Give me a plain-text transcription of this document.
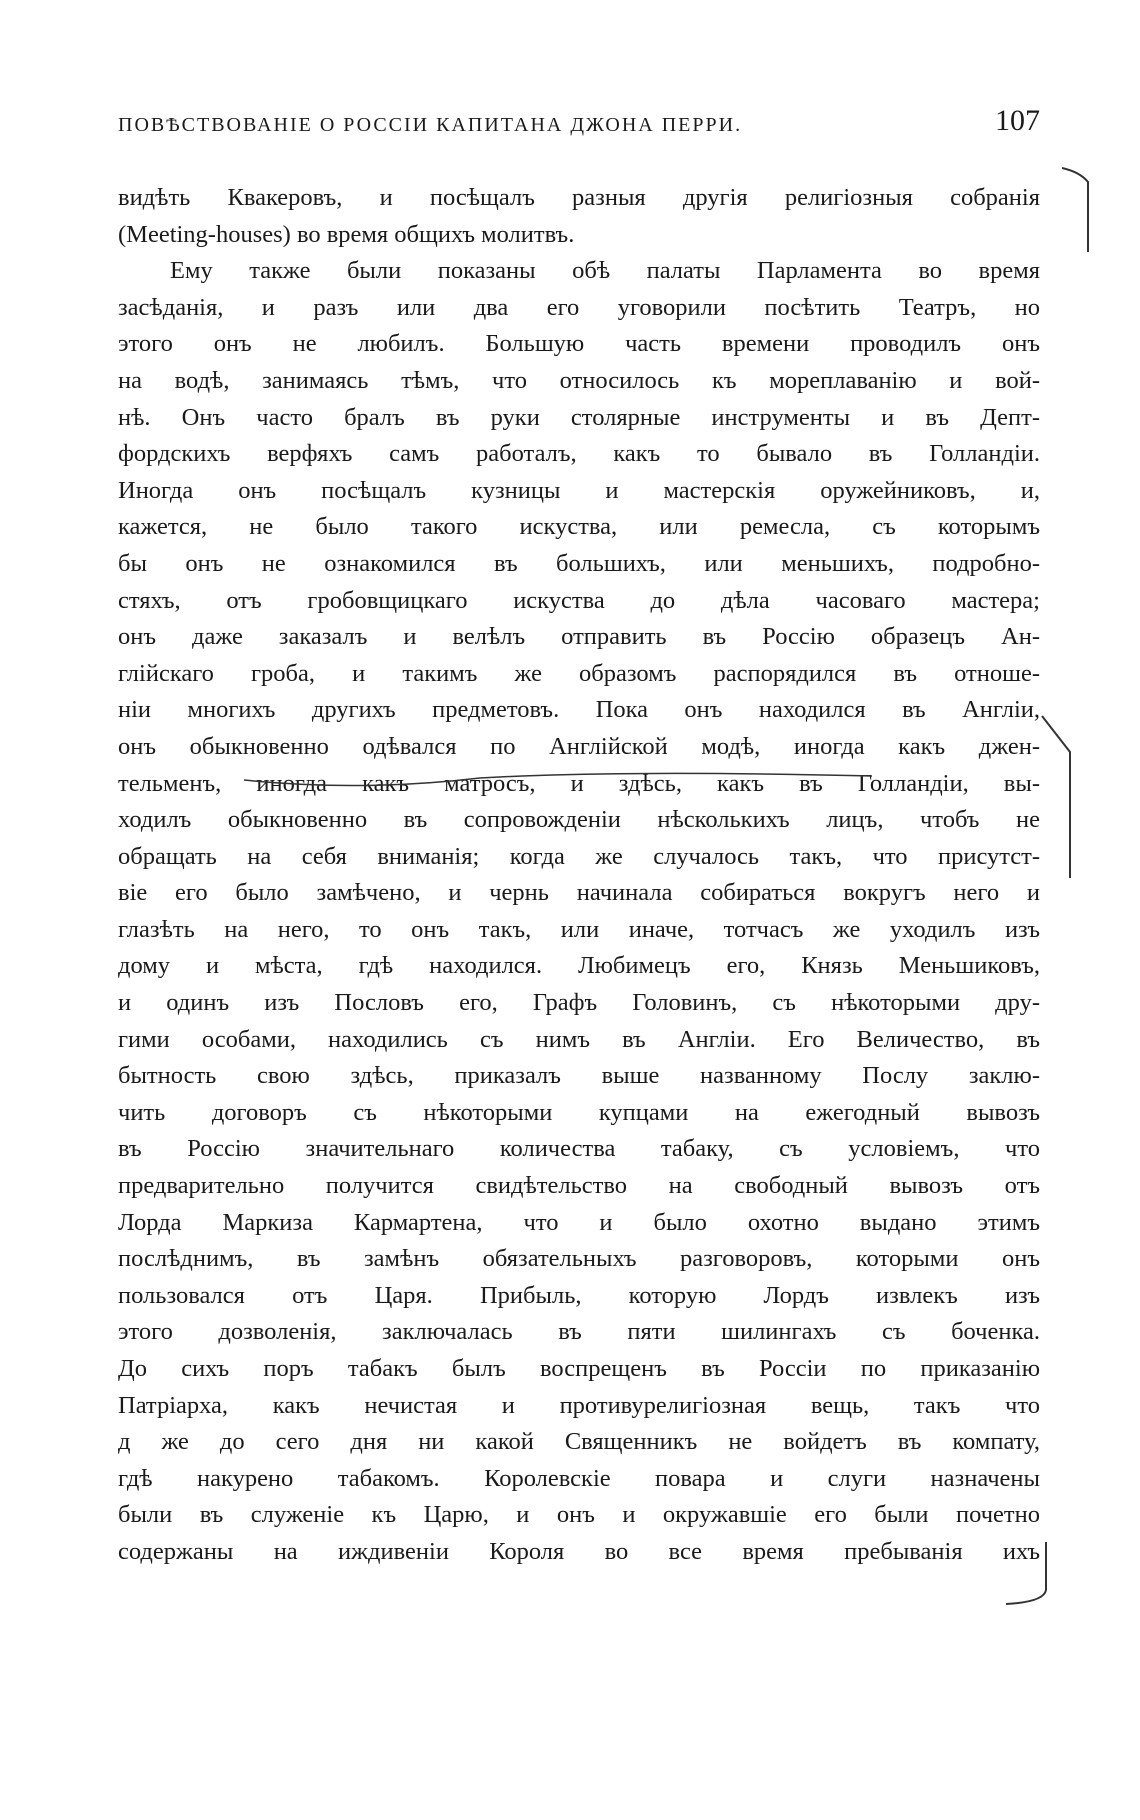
ПОВѢСТВОВАНІЕ О РОССІИ КАПИТАНА ДЖОНА ПЕРРИ.	107
видѣть Квакеровъ, и посѣщалъ разныя другія религіозныя собранія
(Meeting-houses) во время общихъ молитвъ.
Ему также были показаны обѣ палаты Парламента во время
засѣданія, и разъ или два его уговорили посѣтить Театръ, но
этого онъ не любилъ. Большую часть времени проводилъ онъ
на водѣ, занимаясь тѣмъ, что относилось къ мореплаванію и вой-
нѣ. Онъ часто бралъ въ руки столярные инструменты и въ Депт-
фордскихъ верфяхъ самъ работалъ, какъ то бывало въ Голландіи.
Иногда онъ посѣщалъ кузницы и мастерскія оружейниковъ, и,
кажется, не было такого искуства, или ремесла, съ которымъ
бы онъ не ознакомился въ большихъ, или меньшихъ, подробно-
стяхъ, отъ гробовщицкаго искуства до дѣла часоваго мастера;
онъ даже заказалъ и велѣлъ отправить въ Россію образецъ Ан-
глійскаго гроба, и такимъ же образомъ распорядился въ отноше-
ніи многихъ другихъ предметовъ. Пока онъ находился въ Англіи,
онъ обыкновенно одѣвался по Англійской модѣ, иногда какъ джен-
тельменъ, иногда какъ матросъ, и здѣсь, какъ въ Голландіи, вы-
ходилъ обыкновенно въ сопровожденіи нѣсколькихъ лицъ, чтобъ не
обращать на себя вниманія; когда же случалось такъ, что присутст-
віе его было замѣчено, и чернь начинала собираться вокругъ него и
глазѣть на него, то онъ такъ, или иначе, тотчасъ же уходилъ изъ
дому и мѣста, гдѣ находился. Любимецъ его, Князь Меньшиковъ,
и одинъ изъ Пословъ его, Графъ Головинъ, съ нѣкоторыми дру-
гими особами, находились съ нимъ въ Англіи. Его Величество, въ
бытность свою здѣсь, приказалъ выше названному Послу заклю-
чить договоръ съ нѣкоторыми купцами на ежегодный вывозъ
въ Россію значительнаго количества табаку, съ условіемъ, что
предварительно получится свидѣтельство на свободный вывозъ отъ
Лорда Маркиза Кармартена, что и было охотно выдано этимъ
послѣднимъ, въ замѣнъ обязательныхъ разговоровъ, которыми онъ
пользовался отъ Царя. Прибыль, которую Лордъ извлекъ изъ
этого дозволенія, заключалась въ пяти шилингахъ съ боченка.
До сихъ поръ табакъ былъ воспрещенъ въ Россіи по приказанію
Патріарха, какъ нечистая и противурелигіозная вещь, такъ что
д же до сего дня ни какой Священникъ не войдетъ въ компату,
гдѣ накурено табакомъ. Королевскіе повара и слуги назначены
были въ служеніе къ Царю, и онъ и окружавшіе его были почетно
содержаны на иждивеніи Короля во все время пребыванія ихъ
